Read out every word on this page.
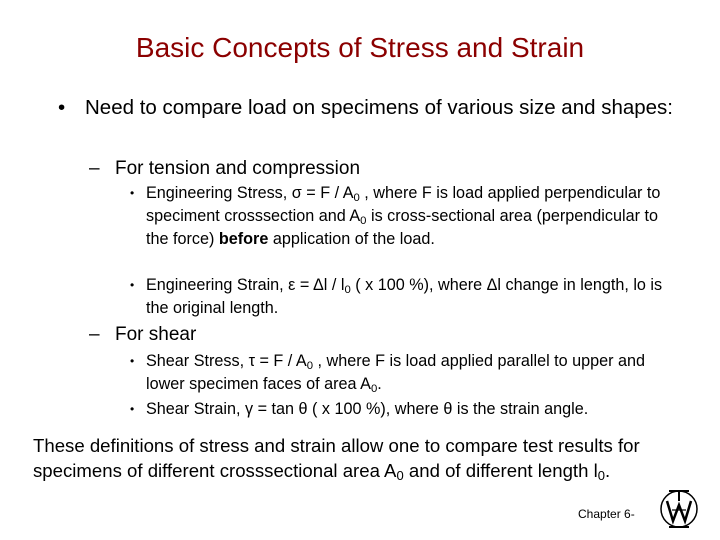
Basic Concepts of Stress and Strain
• Need to compare load on specimens of various size and shapes:
– For tension and compression
• Engineering Stress, $\sigma = F / A_0$ , where F is load applied perpendicular to speciment crosssection and $A_0$ is cross-sectional area (perpendicular to the force) before application of the load.
• Engineering Strain, $\varepsilon = \Delta l / l_0$ ( x 100 %), where Δl change in length, lo is the original length.
– For shear
• Shear Stress, $\tau = F / A_0$ , where F is load applied parallel to upper and lower specimen faces of area $A_0$.
• Shear Strain, γ = tan θ ( x 100 %), where θ is the strain angle.
These definitions of stress and strain allow one to compare test results for specimens of different crosssectional area $A_0$ and of different length $l_0$.
Chapter 6-
